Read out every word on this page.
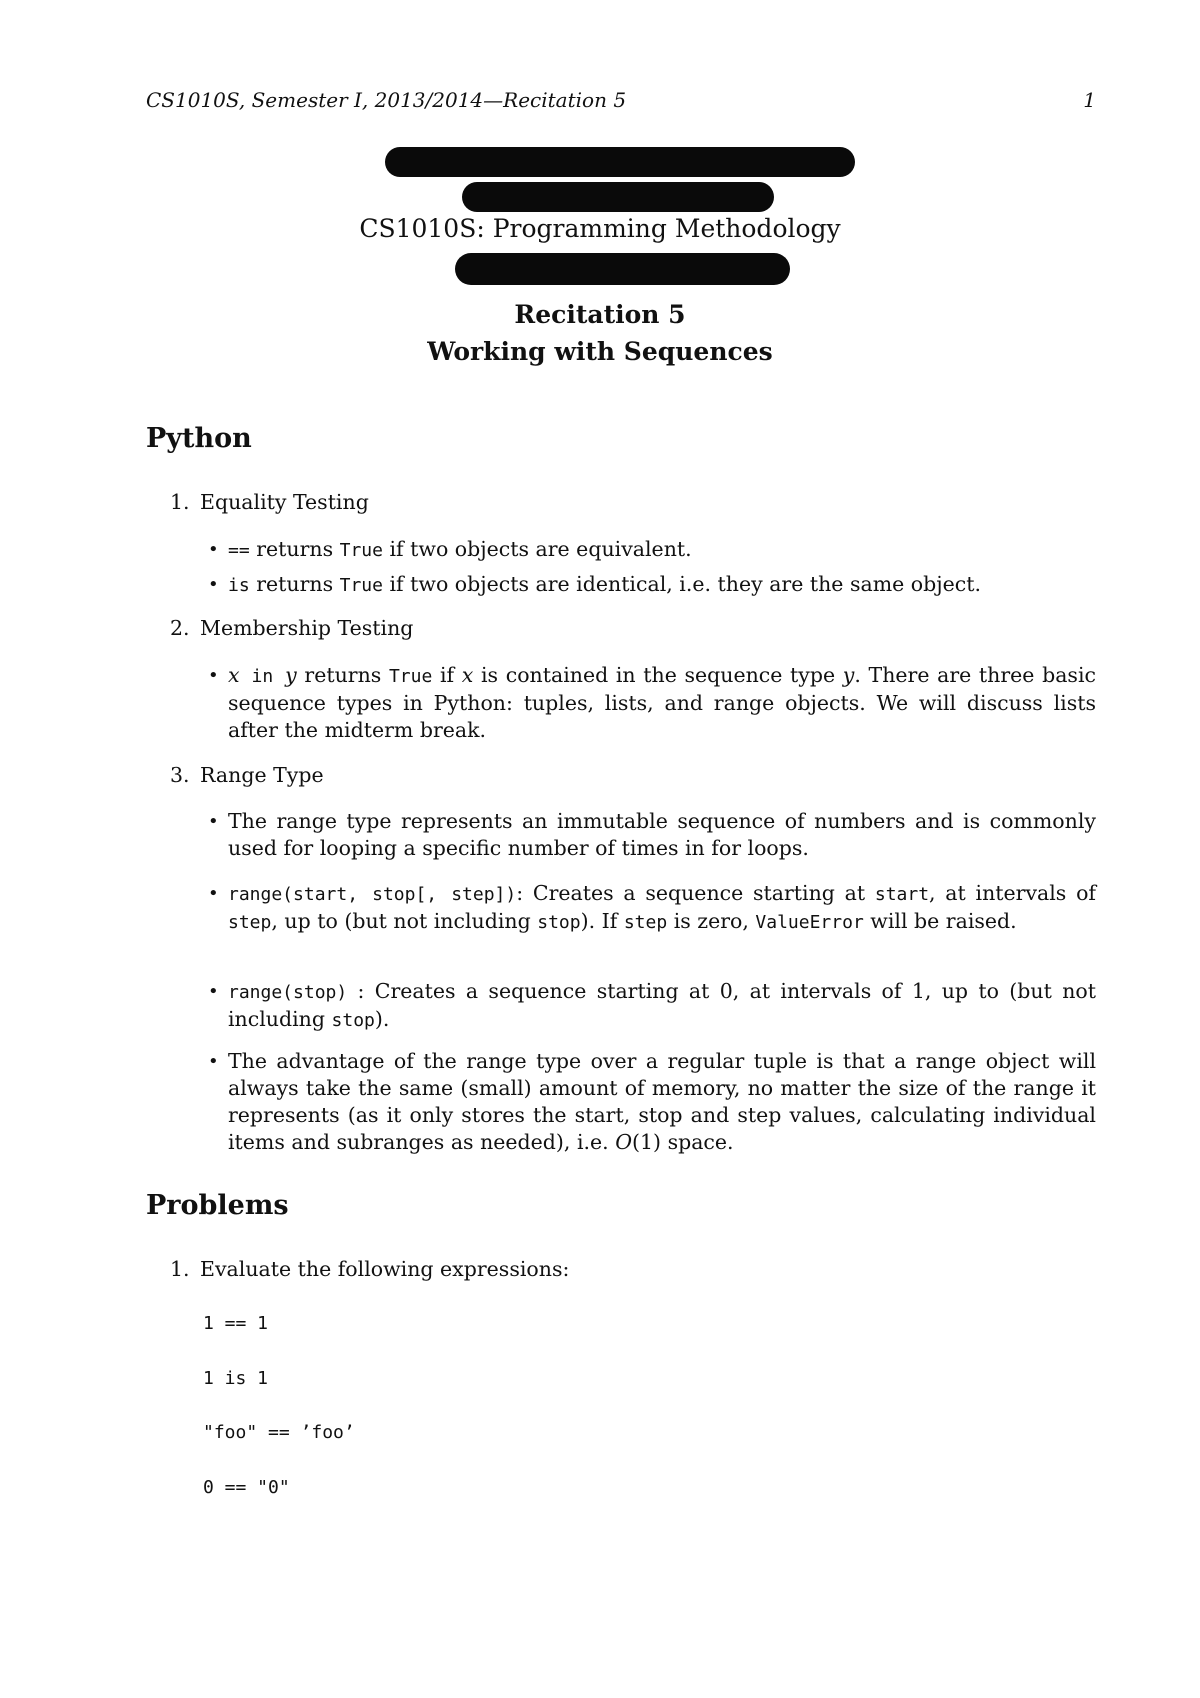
CS1010S, Semester I, 2013/2014—Recitation 5	1
CS1010S: Programming Methodology
Recitation 5
Working with Sequences
Python
1. Equality Testing
• == returns True if two objects are equivalent.
• is returns True if two objects are identical, i.e. they are the same object.
2. Membership Testing
• x in y returns True if x is contained in the sequence type y. There are three basic sequence types in Python: tuples, lists, and range objects. We will discuss lists after the midterm break.
3. Range Type
• The range type represents an immutable sequence of numbers and is commonly used for looping a specific number of times in for loops.
• range(start, stop[, step]): Creates a sequence starting at start, at intervals of step, up to (but not including stop). If step is zero, ValueError will be raised.
• range(stop) : Creates a sequence starting at 0, at intervals of 1, up to (but not including stop).
• The advantage of the range type over a regular tuple is that a range object will always take the same (small) amount of memory, no matter the size of the range it represents (as it only stores the start, stop and step values, calculating individual items and subranges as needed), i.e. O(1) space.
Problems
1. Evaluate the following expressions:
1 == 1
1 is 1
"foo" == ’foo’
0 == "0"
